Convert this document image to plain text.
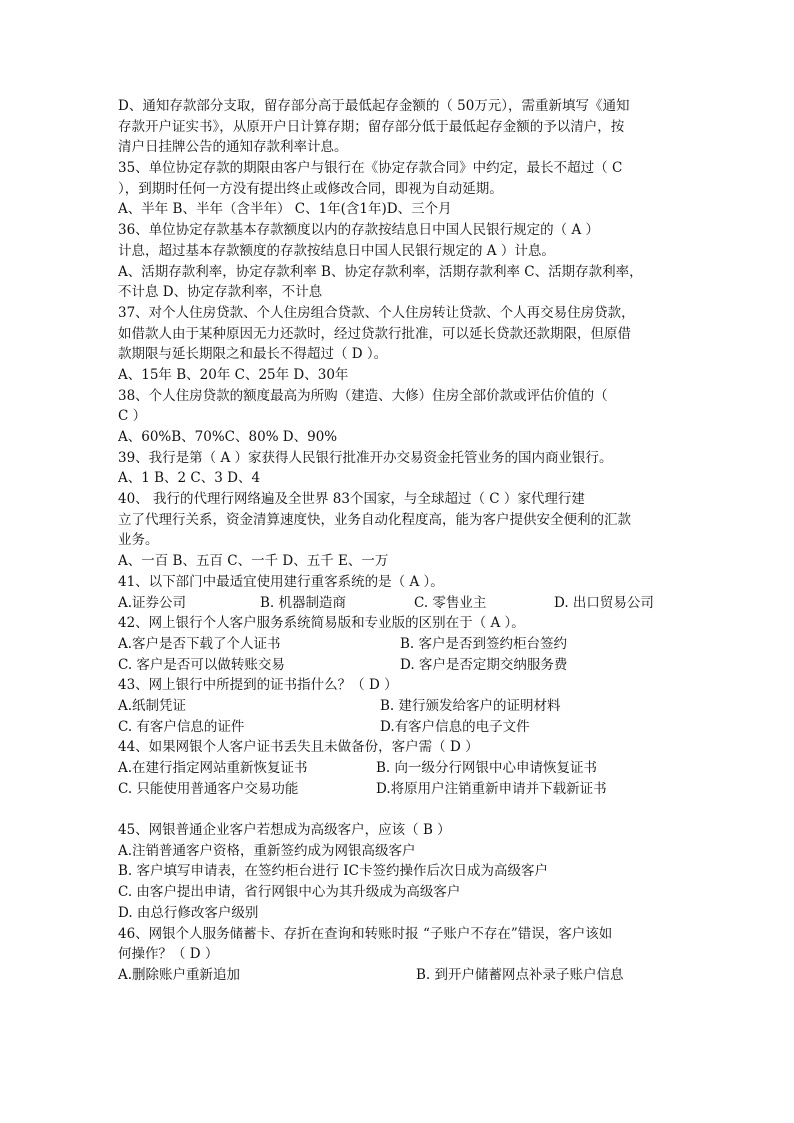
D、通知存款部分支取，留存部分高于最低起存金额的（ 50万元），需重新填写《通知
存款开户证实书》，从原开户日计算存期；留存部分低于最低起存金额的予以清户，按
清户日挂牌公告的通知存款利率计息。
35、单位协定存款的期限由客户与银行在《协定存款合同》中约定，最长不超过（ C
），到期时任何一方没有提出终止或修改合同，即视为自动延期。
A、半年 B、半年（含半年） C、1年(含1年)D、三个月
36、单位协定存款基本存款额度以内的存款按结息日中国人民银行规定的（ A ）
计息，超过基本存款额度的存款按结息日中国人民银行规定的 A ）计息。
A、活期存款利率，协定存款利率 B、协定存款利率，活期存款利率 C、活期存款利率，
不计息 D、协定存款利率，不计息
37、对个人住房贷款、个人住房组合贷款、个人住房转让贷款、个人再交易住房贷款，
如借款人由于某种原因无力还款时，经过贷款行批准，可以延长贷款还款期限，但原借
款期限与延长期限之和最长不得超过（ D ）。
A、15年 B、20年 C、25年 D、30年
38、个人住房贷款的额度最高为所购（建造、大修）住房全部价款或评估价值的（
C ）
A、60%B、70%C、80% D、90%
39、我行是第（ A ）家获得人民银行批准开办交易资金托管业务的国内商业银行。
A、1 B、2 C、3 D、4
40、 我行的代理行网络遍及全世界 83个国家，与全球超过（ C ）家代理行建
立了代理行关系，资金清算速度快，业务自动化程度高，能为客户提供安全便利的汇款
业务。
A、一百 B、五百 C、一千 D、五千 E、一万
41、以下部门中最适宜使用建行重客系统的是（ A ）。
A.证券公司	B. 机器制造商	C. 零售业主	D. 出口贸易公司
42、网上银行个人客户服务系统简易版和专业版的区别在于（ A ）。
A.客户是否下载了个人证书	B. 客户是否到签约柜台签约
C. 客户是否可以做转账交易	D. 客户是否定期交纳服务费
43、网上银行中所提到的证书指什么？（ D ）
A.纸制凭证	B. 建行颁发给客户的证明材料
C. 有客户信息的证件	D.有客户信息的电子文件
44、如果网银个人客户证书丢失且未做备份，客户需（ D ）
A.在建行指定网站重新恢复证书	B. 向一级分行网银中心申请恢复证书
C. 只能使用普通客户交易功能	D.将原用户注销重新申请并下载新证书
45、网银普通企业客户若想成为高级客户，应该（ B ）
A.注销普通客户资格，重新签约成为网银高级客户
B. 客户填写申请表，在签约柜台进行 IC卡签约操作后次日成为高级客户
C. 由客户提出申请，省行网银中心为其升级成为高级客户
D. 由总行修改客户级别
46、网银个人服务储蓄卡、存折在查询和转账时报 “子账户不存在”错误，客户该如
何操作？（ D ）
A.删除账户重新追加	B. 到开户储蓄网点补录子账户信息
